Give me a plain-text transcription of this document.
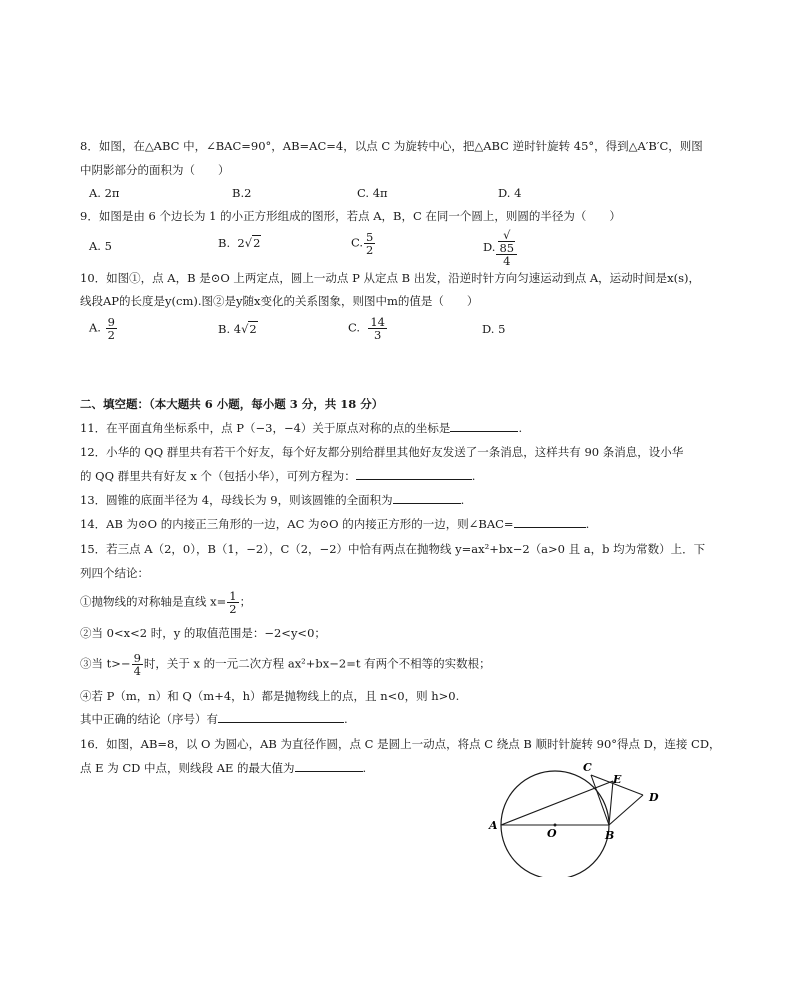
8．如图，在△ABC 中，∠BAC=90°，AB=AC=4，以点 C 为旋转中心，把△ABC 逆时针旋转 45°，得到△A′B′C，则图
中阴影部分的面积为（　　）
A. 2π	B.2	C. 4π	D. 4
9．如图是由 6 个边长为 1 的小正方形组成的图形，若点 A，B，C 在同一个圆上，则圆的半径为（　　）
A. 5	B. 2√2	C. $\frac{5}{2}$	D. √
85
4
10．如图①，点 A，B 是⊙O 上两定点，圆上一动点 P 从定点 B 出发，沿逆时针方向匀速运动到点 A，运动时间是x(s)，
线段AP的长度是y(cm).图②是y随x变化的关系图象，则图中m的值是（　　）
A. $\frac{9}{2}$	B. 4√2	C. $\frac{14}{3}$	D. 5
二、填空题：（本大题共 6 小题，每小题 3 分，共 18 分）
11．在平面直角坐标系中，点 P（−3，−4）关于原点对称的点的坐标是	.
12．小华的 QQ 群里共有若干个好友，每个好友都分别给群里其他好友发送了一条消息，这样共有 90 条消息，设小华
的 QQ 群里共有好友 x 个（包括小华），可列方程为：	.
13．圆锥的底面半径为 4，母线长为 9，则该圆锥的全面积为	.
14．AB 为⊙O 的内接正三角形的一边，AC 为⊙O 的内接正方形的一边，则∠BAC=	.
15．若三点 A（2，0），B（1，−2），C（2，−2）中恰有两点在抛物线 y=ax²+bx−2（a>0 且 a，b 均为常数）上．下
列四个结论：
①抛物线的对称轴是直线 $x= \frac{1}{2}$ ；
②当 0<x<2 时，y 的取值范围是：−2<y<0；
③当 $t>- \frac{9}{4}$ 时，关于 x 的一元二次方程 ax²+bx−2=t 有两个不相等的实数根；
④若 P（m，n）和 Q（m+4，h）都是抛物线上的点，且 n<0，则 h>0.
其中正确的结论（序号）有	.
16．如图，AB=8，以 O 为圆心，AB 为直径作圆，点 C 是圆上一动点，将点 C 绕点 B 顺时针旋转 90°得点 D，连接 CD，
点 E 为 CD 中点，则线段 AE 的最大值为	.
A
O	B
C
E
D
